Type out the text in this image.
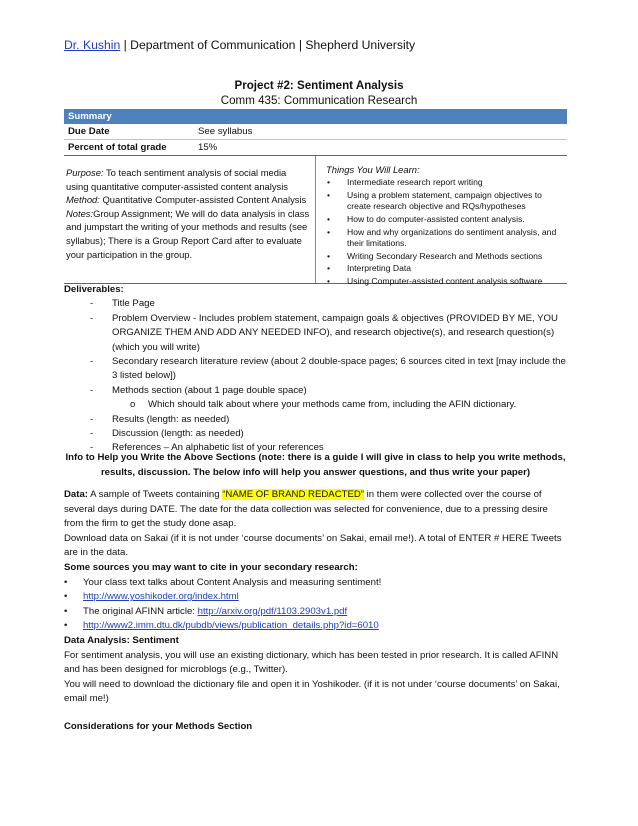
Dr. Kushin | Department of Communication | Shepherd University
Project #2: Sentiment Analysis
Comm 435: Communication Research
Summary
Due Date	See syllabus
Percent of total grade	15%
Purpose: To teach sentiment analysis of social media using quantitative computer-assisted content analysis
Method: Quantitative Computer-assisted Content Analysis
Notes:Group Assignment; We will do data analysis in class and jumpstart the writing of your methods and results (see syllabus); There is a Group Report Card after to evaluate your participation in the group.
Things You Will Learn:
• Intermediate research report writing
• Using a problem statement, campaign objectives to create research objective and RQs/hypotheses
• How to do computer-assisted content analysis.
• How and why organizations do sentiment analysis, and their limitations.
• Writing Secondary Research and Methods sections
• Interpreting Data
• Using Computer-assisted content analysis software
Deliverables:
- Title Page
- Problem Overview - Includes problem statement, campaign goals & objectives (PROVIDED BY ME, YOU ORGANIZE THEM AND ADD ANY NEEDED INFO), and research objective(s), and research question(s) (which you will write)
- Secondary research literature review (about 2 double-space pages; 6 sources cited in text [may include the 3 listed below])
- Methods section (about 1 page double space)
o Which should talk about where your methods came from, including the AFIN dictionary.
- Results (length: as needed)
- Discussion (length: as needed)
- References – An alphabetic list of your references
Info to Help you Write the Above Sections (note: there is a guide I will give in class to help you write methods, results, discussion. The below info will help you answer questions, and thus write your paper)
Data: A sample of Tweets containing “NAME OF BRAND REDACTED” in them were collected over the course of several days during DATE. The date for the data collection was selected for convenience, due to a pressing desire from the firm to get the study done asap.
Download data on Sakai (if it is not under ‘course documents’ on Sakai, email me!). A total of ENTER # HERE Tweets are in the data.
Some sources you may want to cite in your secondary research:
• Your class text talks about Content Analysis and measuring sentiment!
• http://www.yoshikoder.org/index.html
• The original AFINN article: http://arxiv.org/pdf/1103.2903v1.pdf
• http://www2.imm.dtu.dk/pubdb/views/publication_details.php?id=6010
Data Analysis: Sentiment
For sentiment analysis, you will use an existing dictionary, which has been tested in prior research. It is called AFINN and has been designed for microblogs (e.g., Twitter).
You will need to download the dictionary file and open it in Yoshikoder. (if it is not under ‘course documents’ on Sakai, email me!)
Considerations for your Methods Section
